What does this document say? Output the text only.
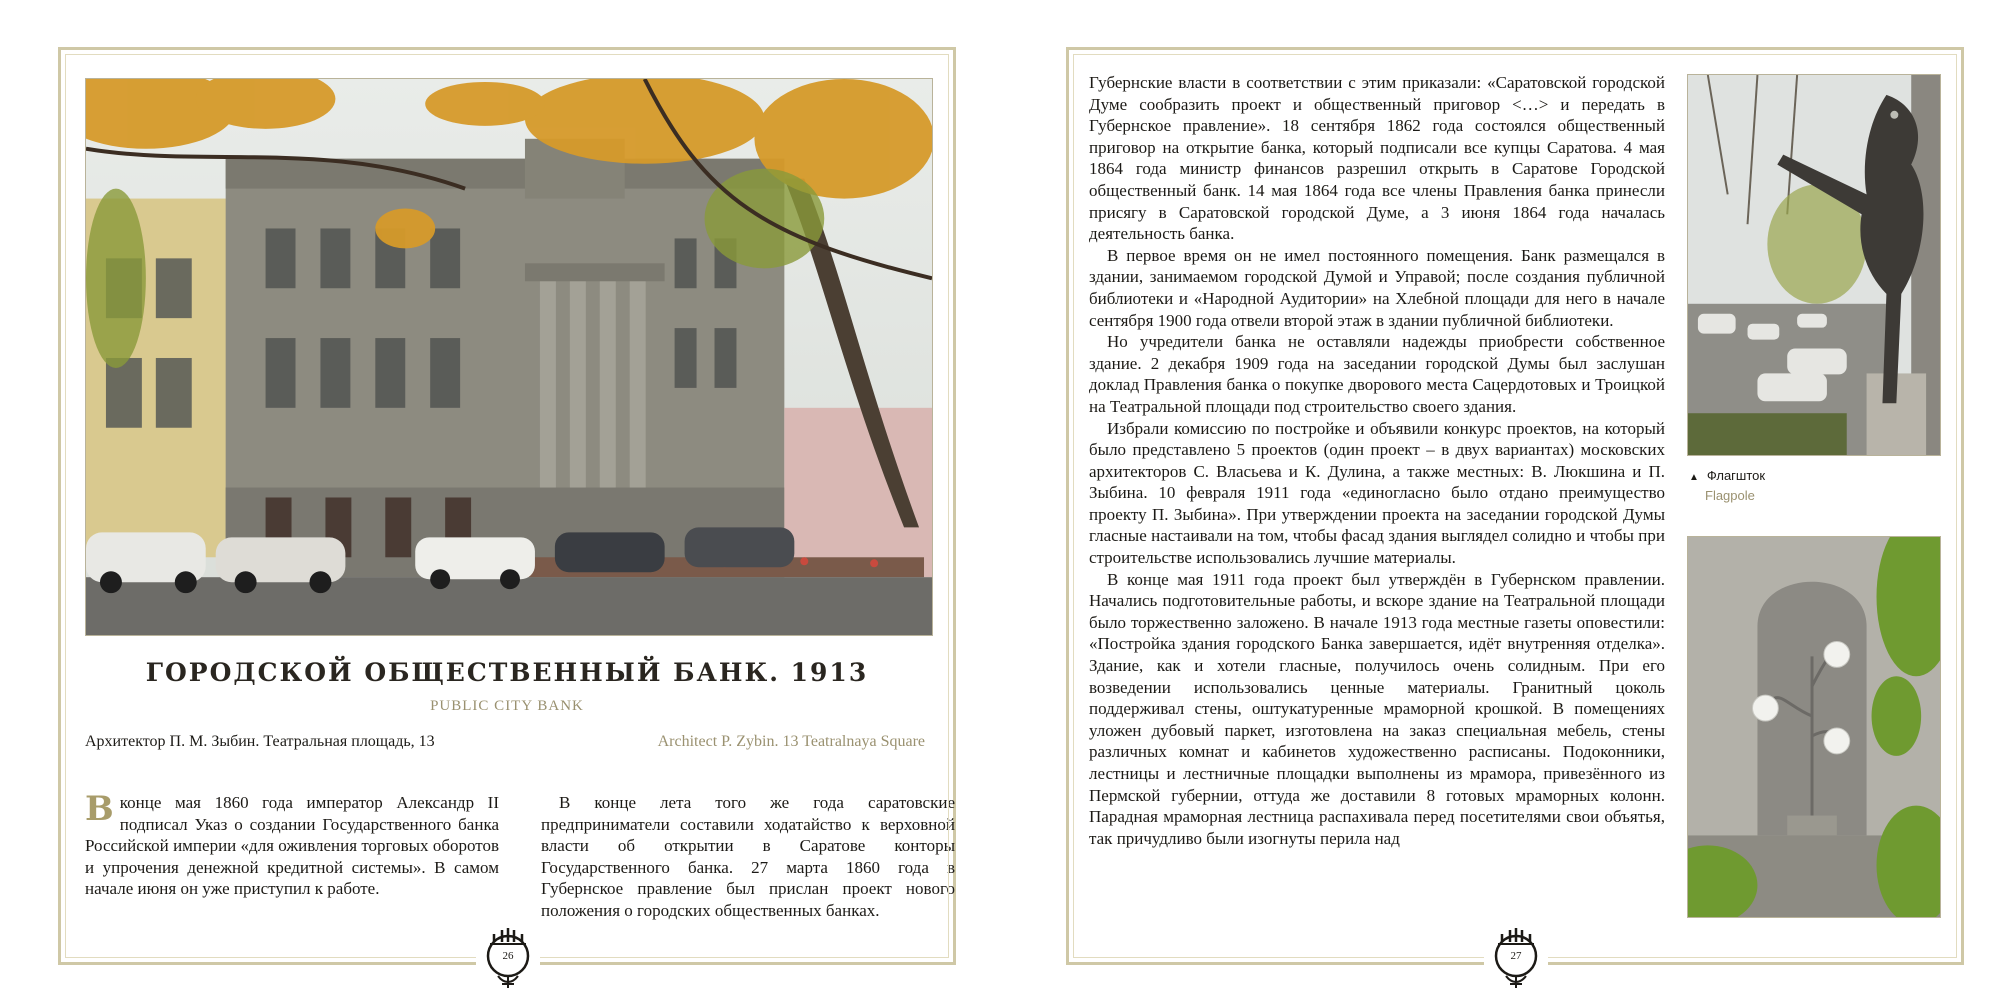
ГОРОДСКОЙ ОБЩЕСТВЕННЫЙ БАНК. 1913
PUBLIC CITY BANK
Архитектор П. М. Зыбин. Театральная площадь, 13	Architect P. Zybin. 13 Teatralnaya Square
Вконце мая 1860 года император Александр II подписал Указ о создании Государственного банка Российской империи «для оживления торговых оборотов и упрочения денежной кредитной системы». В самом начале июня он уже приступил к работе.
В конце лета того же года саратовские предприниматели составили ходатайство к верховной власти об открытии в Саратове конторы Государственного банка. 27 марта 1860 года в Губернское правление был прислан проект нового положения о городских общественных банках.
26

Губернские власти в соответствии с этим приказали: «Саратовской городской Думе сообразить проект и общественный приговор <…> и передать в Губернское правление». 18 сентября 1862 года состоялся общественный приговор на открытие банка, который подписали все купцы Саратова. 4 мая 1864 года министр финансов разрешил открыть в Саратове Городской общественный банк. 14 мая 1864 года все члены Правления банка принесли присягу в Саратовской городской Думе, а 3 июня 1864 года началась деятельность банка.

В первое время он не имел постоянного помещения. Банк размещался в здании, занимаемом городской Думой и Управой; после создания публичной библиотеки и «Народной Аудитории» на Хлебной площади для него в начале сентября 1900 года отвели второй этаж в здании публичной библиотеки.

Но учредители банка не оставляли надежды приобрести собственное здание. 2 декабря 1909 года на заседании городской Думы был заслушан доклад Правления банка о покупке дворового места Сацердотовых и Троицкой на Театральной площади под строительство своего здания.

Избрали комиссию по постройке и объявили конкурс проектов, на который было представлено 5 проектов (один проект – в двух вариантах) московских архитекторов С. Власьева и К. Дулина, а также местных: В. Люкшина и П. Зыбина. 10 февраля 1911 года «единогласно было отдано преимущество проекту П. Зыбина». При утверждении проекта на заседании городской Думы гласные настаивали на том, чтобы фасад здания выглядел солидно и чтобы при строительстве использовались лучшие материалы.

В конце мая 1911 года проект был утверждён в Губернском правлении. Начались подготовительные работы, и вскоре здание на Театральной площади было торжественно заложено. В начале 1913 года местные газеты оповестили: «Постройка здания городского Банка завершается, идёт внутренняя отделка». Здание, как и хотели гласные, получилось очень солидным. При его возведении использовались ценные материалы. Гранитный цоколь поддерживал стены, оштукатуренные мраморной крошкой. В помещениях уложен дубовый паркет, изготовлена на заказ специальная мебель, стены различных комнат и кабинетов художественно расписаны. Подоконники, лестницы и лестничные площадки выполнены из мрамора, привезённого из Пермской губернии, оттуда же доставили 8 готовых мраморных колонн. Парадная мраморная лестница распахивала перед посетителями свои объятья, так причудливо были изогнуты перила над

▲ Флагшток
Flagpole
27
